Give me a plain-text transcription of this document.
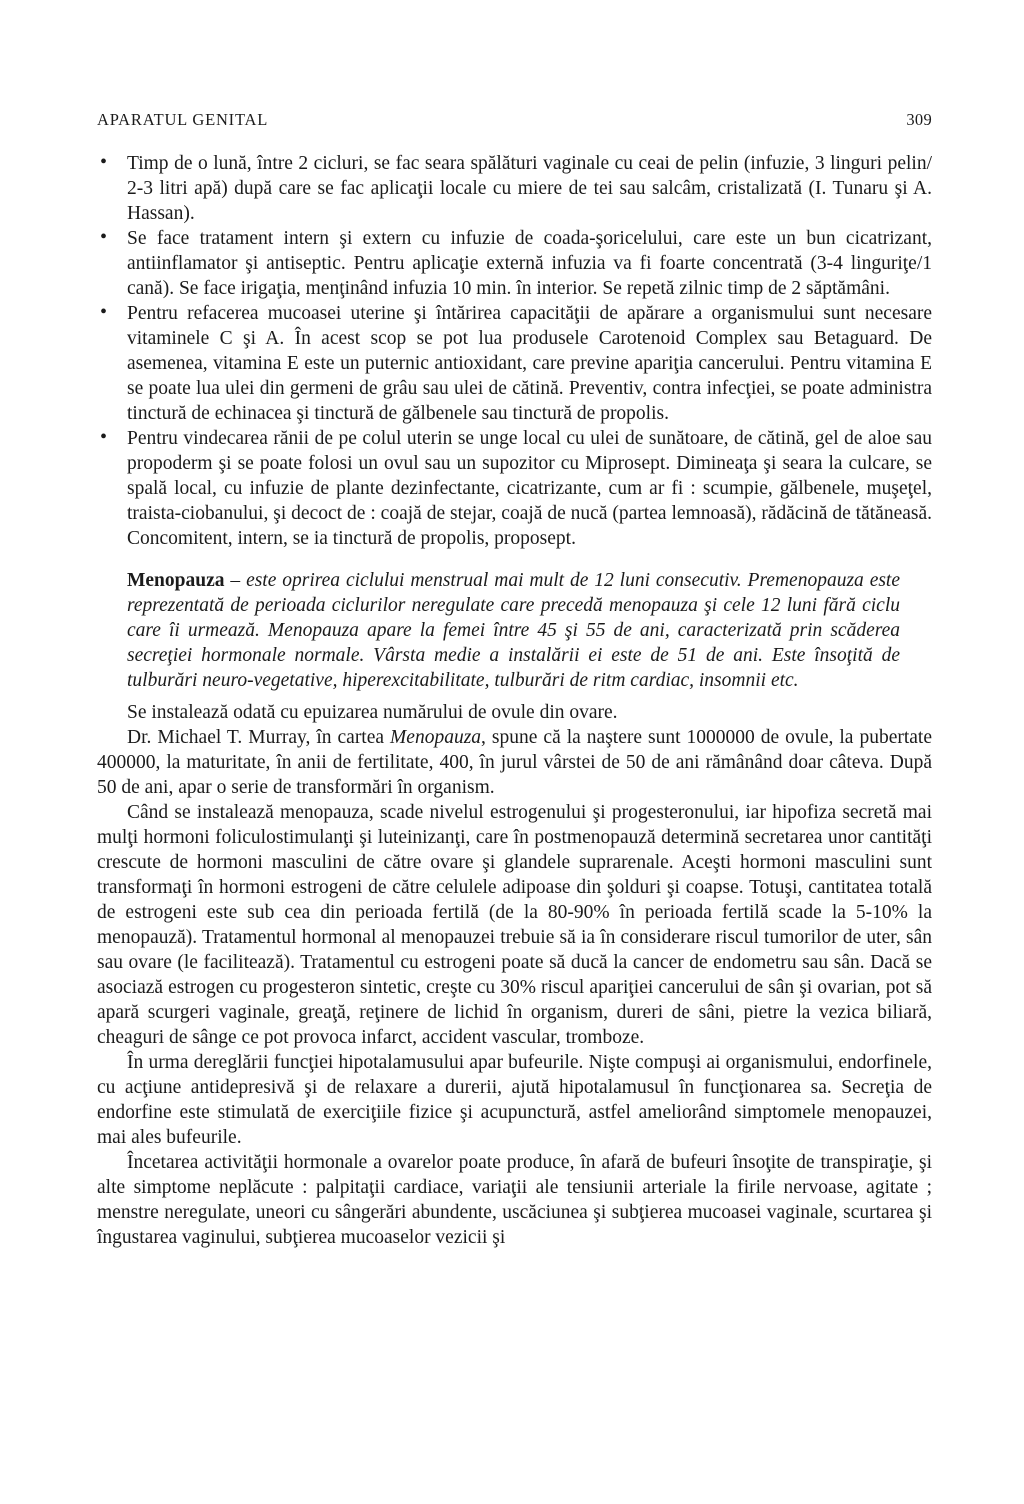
APARATUL GENITAL	309
• Timp de o lună, între 2 cicluri, se fac seara spălături vaginale cu ceai de pelin (infuzie, 3 linguri pelin/ 2-3 litri apă) după care se fac aplicaţii locale cu miere de tei sau salcâm, cristalizată (I. Tunaru şi A. Hassan).
• Se face tratament intern şi extern cu infuzie de coada-şoricelului, care este un bun cicatrizant, antiinflamator şi antiseptic. Pentru aplicaţie externă infuzia va fi foarte concentrată (3-4 linguriţe/1 cană). Se face irigaţia, menţinând infuzia 10 min. în interior. Se repetă zilnic timp de 2 săptămâni.
• Pentru refacerea mucoasei uterine şi întărirea capacităţii de apărare a organismului sunt necesare vitaminele C şi A. În acest scop se pot lua produsele Carotenoid Complex sau Betaguard. De asemenea, vitamina E este un puternic antioxidant, care previne apariţia cancerului. Pentru vitamina E se poate lua ulei din germeni de grâu sau ulei de cătină. Preventiv, contra infecţiei, se poate administra tinctură de echinacea şi tinctură de gălbenele sau tinctură de propolis.
• Pentru vindecarea rănii de pe colul uterin se unge local cu ulei de sunătoare, de cătină, gel de aloe sau propoderm şi se poate folosi un ovul sau un supozitor cu Miprosept. Dimineaţa şi seara la culcare, se spală local, cu infuzie de plante dezinfectante, cicatrizante, cum ar fi : scumpie, gălbenele, muşeţel, traista-ciobanului, şi decoct de : coajă de stejar, coajă de nucă (partea lemnoasă), rădăcină de tătăneasă. Concomitent, intern, se ia tinctură de propolis, proposept.

Menopauza – este oprirea ciclului menstrual mai mult de 12 luni consecutiv. Premenopauza este reprezentată de perioada ciclurilor neregulate care precedă menopauza şi cele 12 luni fără ciclu care îi urmează. Menopauza apare la femei între 45 şi 55 de ani, caracterizată prin scăderea secreţiei hormonale normale. Vârsta medie a instalării ei este de 51 de ani. Este însoţită de tulburări neuro-vegetative, hiperexcitabilitate, tulburări de ritm cardiac, insomnii etc.

Se instalează odată cu epuizarea numărului de ovule din ovare.

Dr. Michael T. Murray, în cartea Menopauza, spune că la naştere sunt 1000000 de ovule, la pubertate 400000, la maturitate, în anii de fertilitate, 400, în jurul vârstei de 50 de ani rămânând doar câteva. După 50 de ani, apar o serie de transformări în organism.

Când se instalează menopauza, scade nivelul estrogenului şi progesteronului, iar hipofiza secretă mai mulţi hormoni foliculostimulanţi şi luteinizanţi, care în postmenopauză determină secretarea unor cantităţi crescute de hormoni masculini de către ovare şi glandele suprarenale. Aceşti hormoni masculini sunt transformaţi în hormoni estrogeni de către celulele adipoase din şolduri şi coapse. Totuşi, cantitatea totală de estrogeni este sub cea din perioada fertilă (de la 80-90% în perioada fertilă scade la 5-10% la menopauză). Tratamentul hormonal al menopauzei trebuie să ia în considerare riscul tumorilor de uter, sân sau ovare (le facilitează). Tratamentul cu estrogeni poate să ducă la cancer de endometru sau sân. Dacă se asociază estrogen cu progesteron sintetic, creşte cu 30% riscul apariţiei cancerului de sân şi ovarian, pot să apară scurgeri vaginale, greaţă, reţinere de lichid în organism, dureri de sâni, pietre la vezica biliară, cheaguri de sânge ce pot provoca infarct, accident vascular, tromboze.

În urma dereglării funcţiei hipotalamusului apar bufeurile. Nişte compuşi ai organismului, endorfinele, cu acţiune antidepresivă şi de relaxare a durerii, ajută hipotalamusul în funcţionarea sa. Secreţia de endorfine este stimulată de exerciţiile fizice şi acupunctură, astfel ameliorând simptomele menopauzei, mai ales bufeurile.

Încetarea activităţii hormonale a ovarelor poate produce, în afară de bufeuri însoţite de transpiraţie, şi alte simptome neplăcute : palpitaţii cardiace, variaţii ale tensiunii arteriale la firile nervoase, agitate ; menstre neregulate, uneori cu sângerări abundente, uscăciunea şi subţierea mucoasei vaginale, scurtarea şi îngustarea vaginului, subţierea mucoaselor vezicii şi
